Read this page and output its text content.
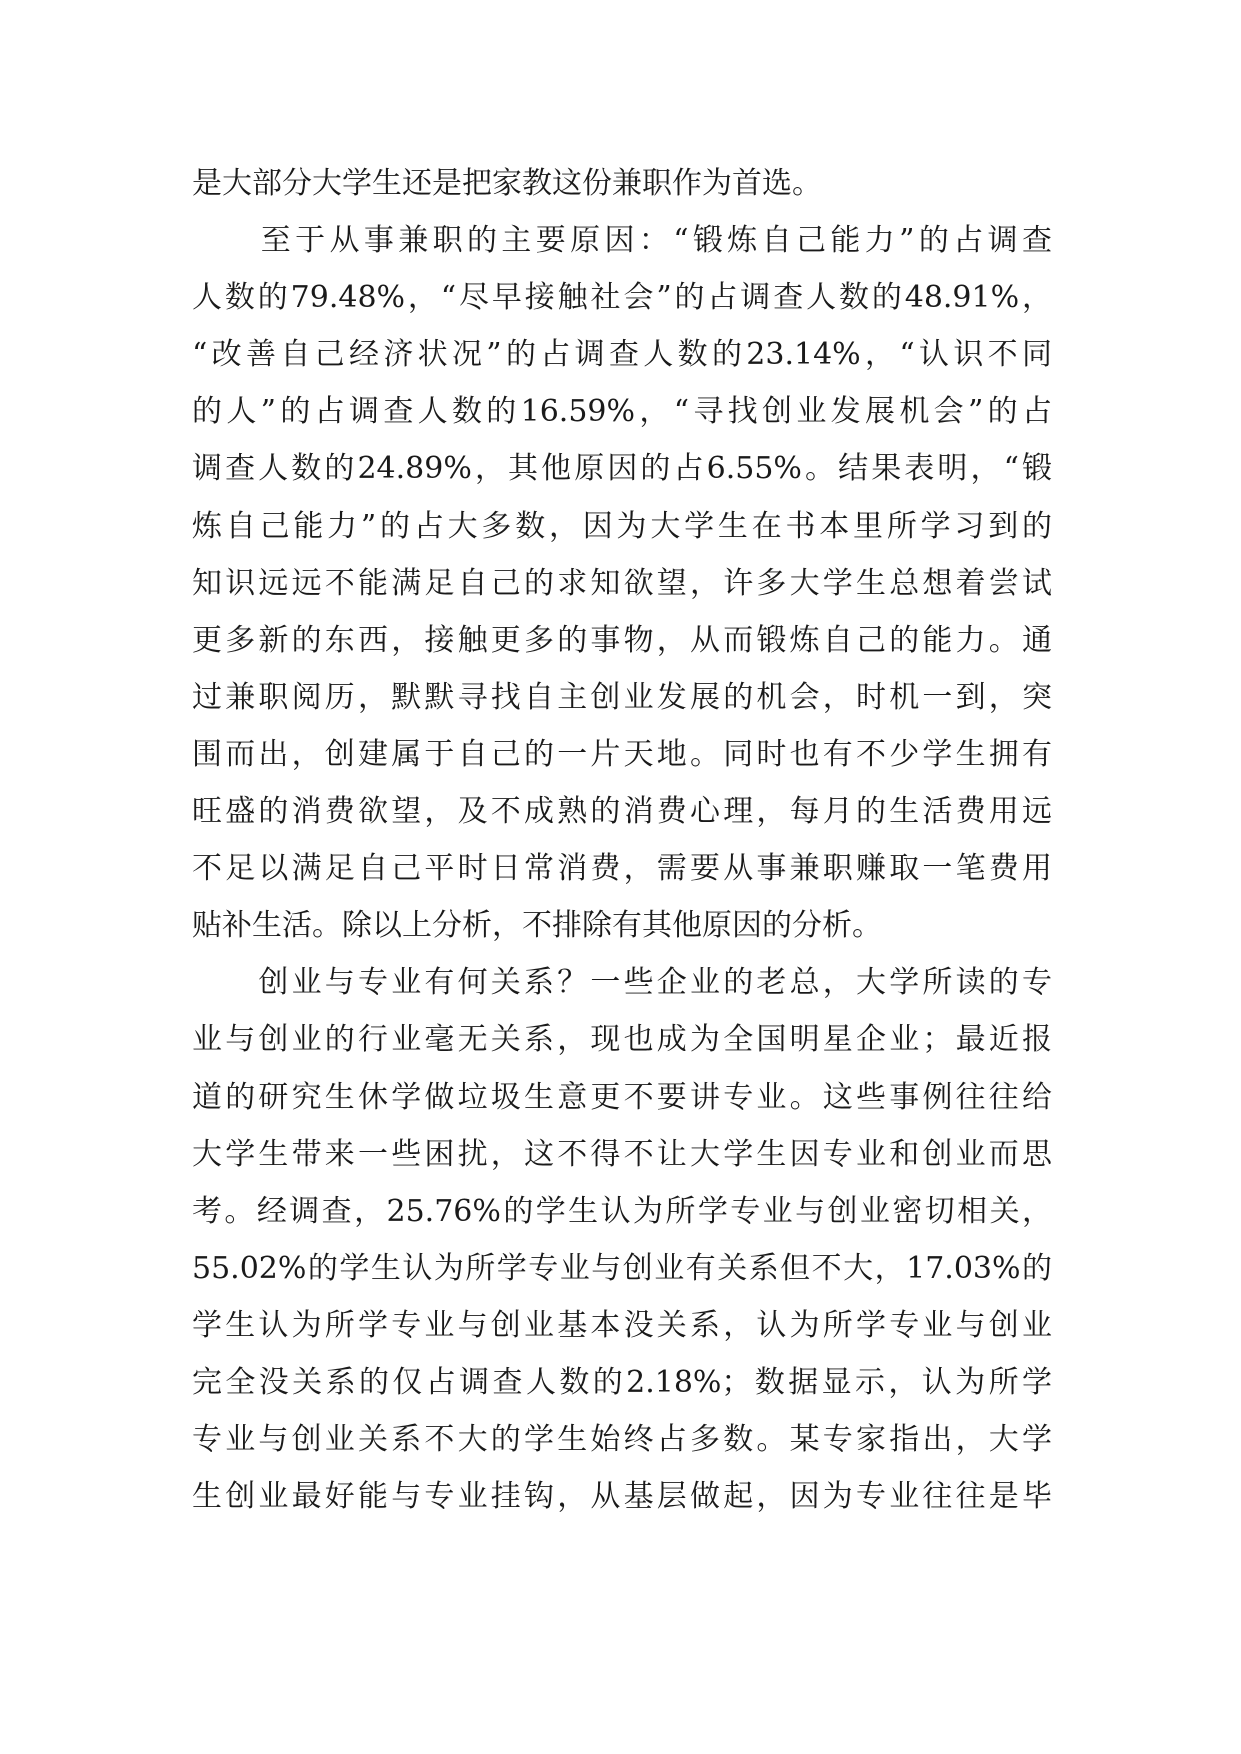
是大部分大学生还是把家教这份兼职作为首选。
　　至于从事兼职的主要原因：“锻炼自己能力”的占调查
人数的79.48%，“尽早接触社会”的占调查人数的48.91%，
“改善自己经济状况”的占调查人数的23.14%，“认识不同
的人”的占调查人数的16.59%，“寻找创业发展机会”的占
调查人数的24.89%，其他原因的占6.55%。结果表明，“锻
炼自己能力”的占大多数，因为大学生在书本里所学习到的
知识远远不能满足自己的求知欲望，许多大学生总想着尝试
更多新的东西，接触更多的事物，从而锻炼自己的能力。通
过兼职阅历，默默寻找自主创业发展的机会，时机一到，突
围而出，创建属于自己的一片天地。同时也有不少学生拥有
旺盛的消费欲望，及不成熟的消费心理，每月的生活费用远
不足以满足自己平时日常消费，需要从事兼职赚取一笔费用
贴补生活。除以上分析，不排除有其他原因的分析。
　　创业与专业有何关系？一些企业的老总，大学所读的专
业与创业的行业毫无关系，现也成为全国明星企业；最近报
道的研究生休学做垃圾生意更不要讲专业。这些事例往往给
大学生带来一些困扰，这不得不让大学生因专业和创业而思
考。经调查，25.76%的学生认为所学专业与创业密切相关，
55.02%的学生认为所学专业与创业有关系但不大，17.03%的
学生认为所学专业与创业基本没关系，认为所学专业与创业
完全没关系的仅占调查人数的2.18%；数据显示，认为所学
专业与创业关系不大的学生始终占多数。某专家指出，大学
生创业最好能与专业挂钩，从基层做起，因为专业往往是毕
